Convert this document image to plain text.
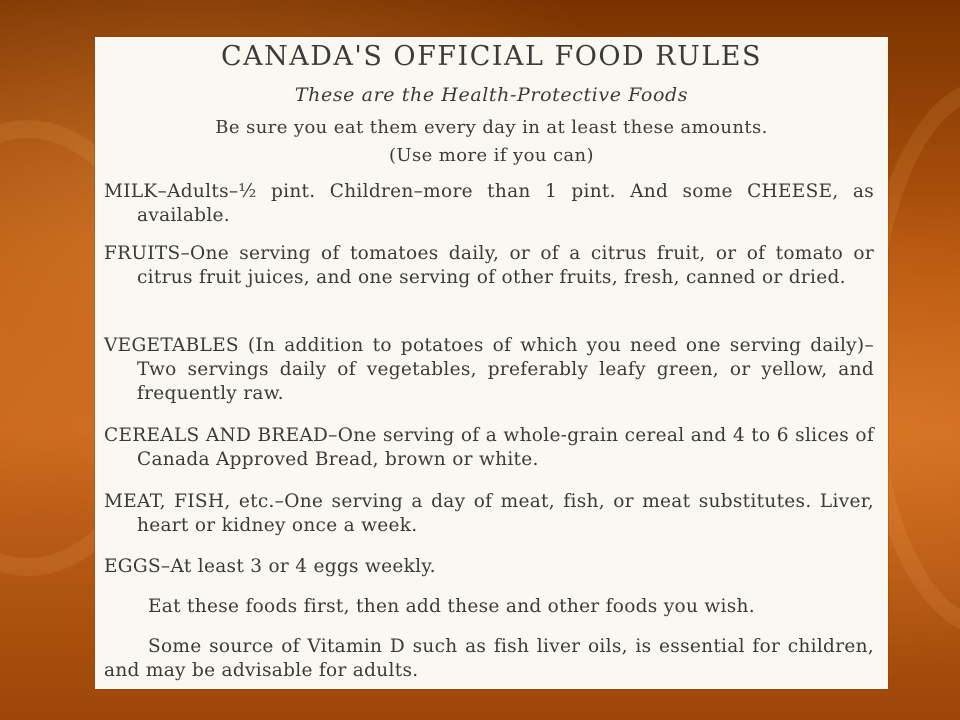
CANADA'S OFFICIAL FOOD RULES
These are the Health-Protective Foods
Be sure you eat them every day in at least these amounts.
(Use more if you can)
MILK–Adults–½ pint. Children–more than 1 pint. And some CHEESE, as available.
FRUITS–One serving of tomatoes daily, or of a citrus fruit, or of tomato or citrus fruit juices, and one serving of other fruits, fresh, canned or dried.
VEGETABLES (In addition to potatoes of which you need one serving daily)–Two servings daily of vegetables, preferably leafy green, or yellow, and frequently raw.
CEREALS AND BREAD–One serving of a whole-grain cereal and 4 to 6 slices of Canada Approved Bread, brown or white.
MEAT, FISH, etc.–One serving a day of meat, fish, or meat substitutes. Liver, heart or kidney once a week.
EGGS–At least 3 or 4 eggs weekly.
Eat these foods first, then add these and other foods you wish.
Some source of Vitamin D such as fish liver oils, is essential for children, and may be advisable for adults.
